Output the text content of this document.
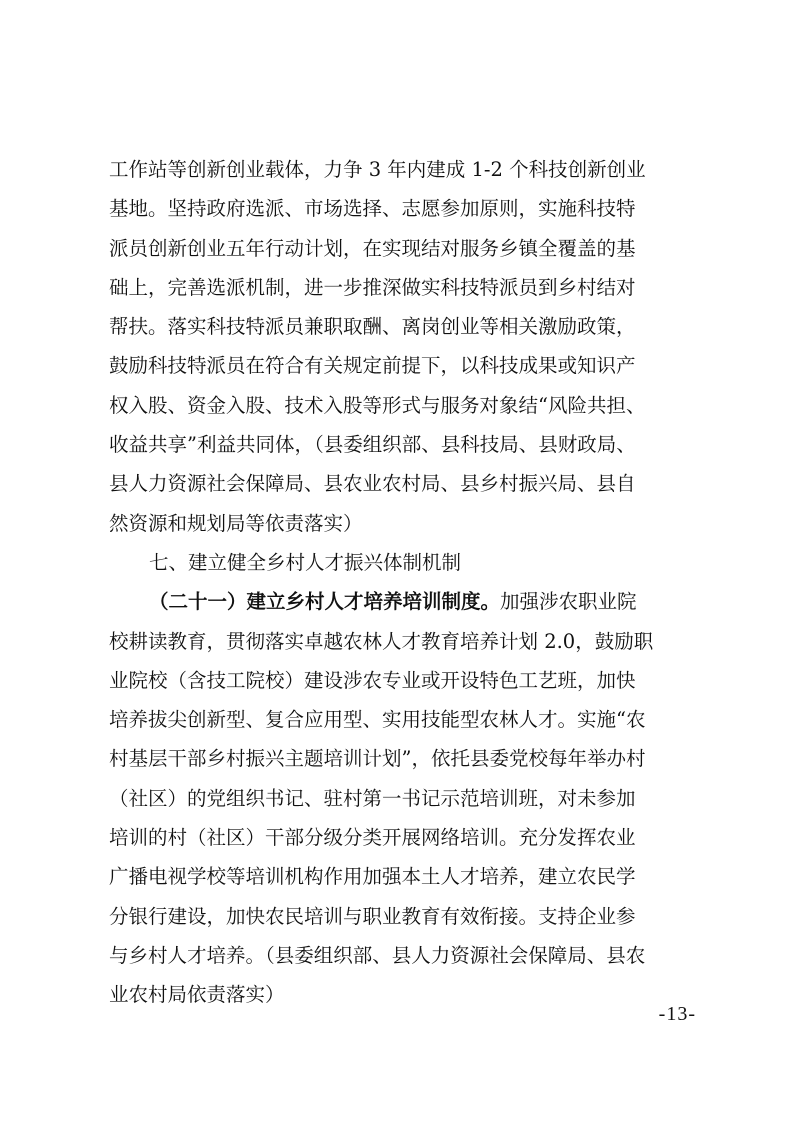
工作站等创新创业载体，力争 3 年内建成 1-2 个科技创新创业
基地。坚持政府选派、市场选择、志愿参加原则，实施科技特
派员创新创业五年行动计划，在实现结对服务乡镇全覆盖的基
础上，完善选派机制，进一步推深做实科技特派员到乡村结对
帮扶。落实科技特派员兼职取酬、离岗创业等相关激励政策，
鼓励科技特派员在符合有关规定前提下，以科技成果或知识产
权入股、资金入股、技术入股等形式与服务对象结“风险共担、
收益共享”利益共同体，（县委组织部、县科技局、县财政局、
县人力资源社会保障局、县农业农村局、县乡村振兴局、县自
然资源和规划局等依责落实）
七、建立健全乡村人才振兴体制机制
（二十一）建立乡村人才培养培训制度。加强涉农职业院
校耕读教育，贯彻落实卓越农林人才教育培养计划 2.0，鼓励职
业院校（含技工院校）建设涉农专业或开设特色工艺班，加快
培养拔尖创新型、复合应用型、实用技能型农林人才。实施“农
村基层干部乡村振兴主题培训计划”，依托县委党校每年举办村
（社区）的党组织书记、驻村第一书记示范培训班，对未参加
培训的村（社区）干部分级分类开展网络培训。充分发挥农业
广播电视学校等培训机构作用加强本土人才培养，建立农民学
分银行建设，加快农民培训与职业教育有效衔接。支持企业参
与乡村人才培养。（县委组织部、县人力资源社会保障局、县农
业农村局依责落实）
-13-
